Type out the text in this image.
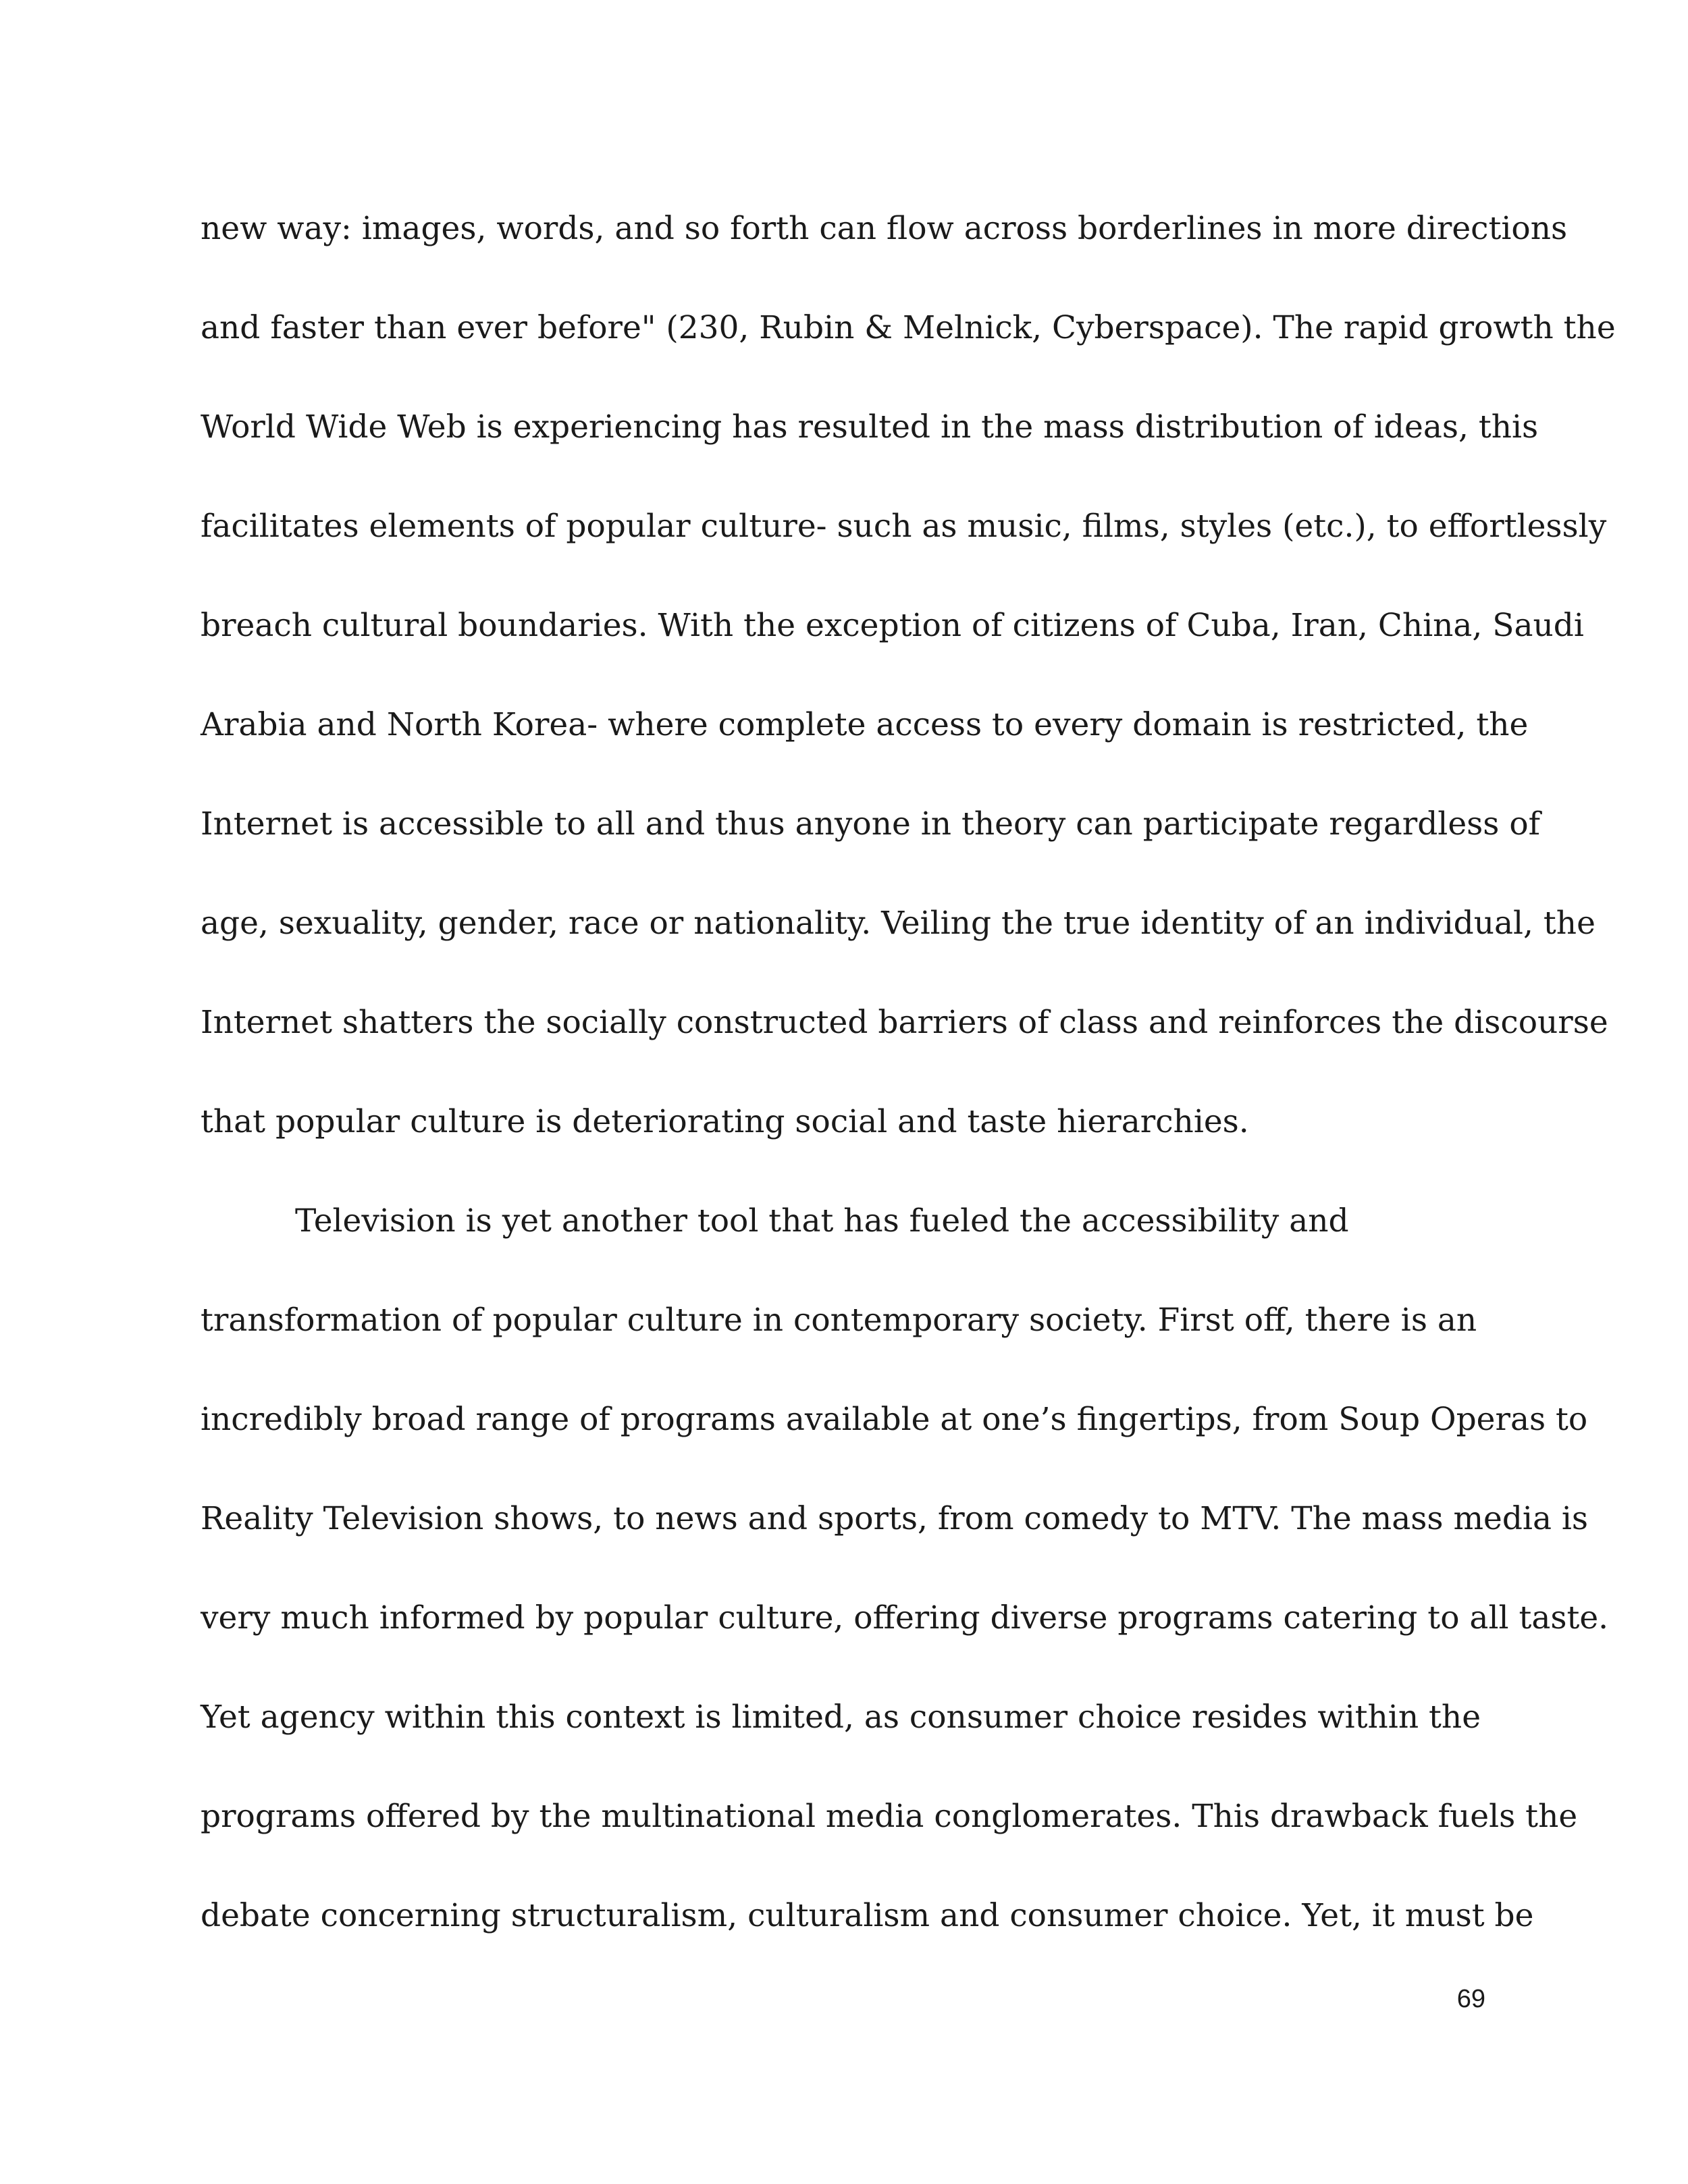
new way: images, words, and so forth can flow across borderlines in more directions
and faster than ever before" (230, Rubin & Melnick, Cyberspace). The rapid growth the
World Wide Web is experiencing has resulted in the mass distribution of ideas, this
facilitates elements of popular culture- such as music, films, styles (etc.), to effortlessly
breach cultural boundaries. With the exception of citizens of Cuba, Iran, China, Saudi
Arabia and North Korea- where complete access to every domain is restricted, the
Internet is accessible to all and thus anyone in theory can participate regardless of
age, sexuality, gender, race or nationality. Veiling the true identity of an individual, the
Internet shatters the socially constructed barriers of class and reinforces the discourse
that popular culture is deteriorating social and taste hierarchies.
Television is yet another tool that has fueled the accessibility and
transformation of popular culture in contemporary society. First off, there is an
incredibly broad range of programs available at one’s fingertips, from Soup Operas to
Reality Television shows, to news and sports, from comedy to MTV. The mass media is
very much informed by popular culture, offering diverse programs catering to all taste.
Yet agency within this context is limited, as consumer choice resides within the
programs offered by the multinational media conglomerates. This drawback fuels the
debate concerning structuralism, culturalism and consumer choice. Yet, it must be
69
